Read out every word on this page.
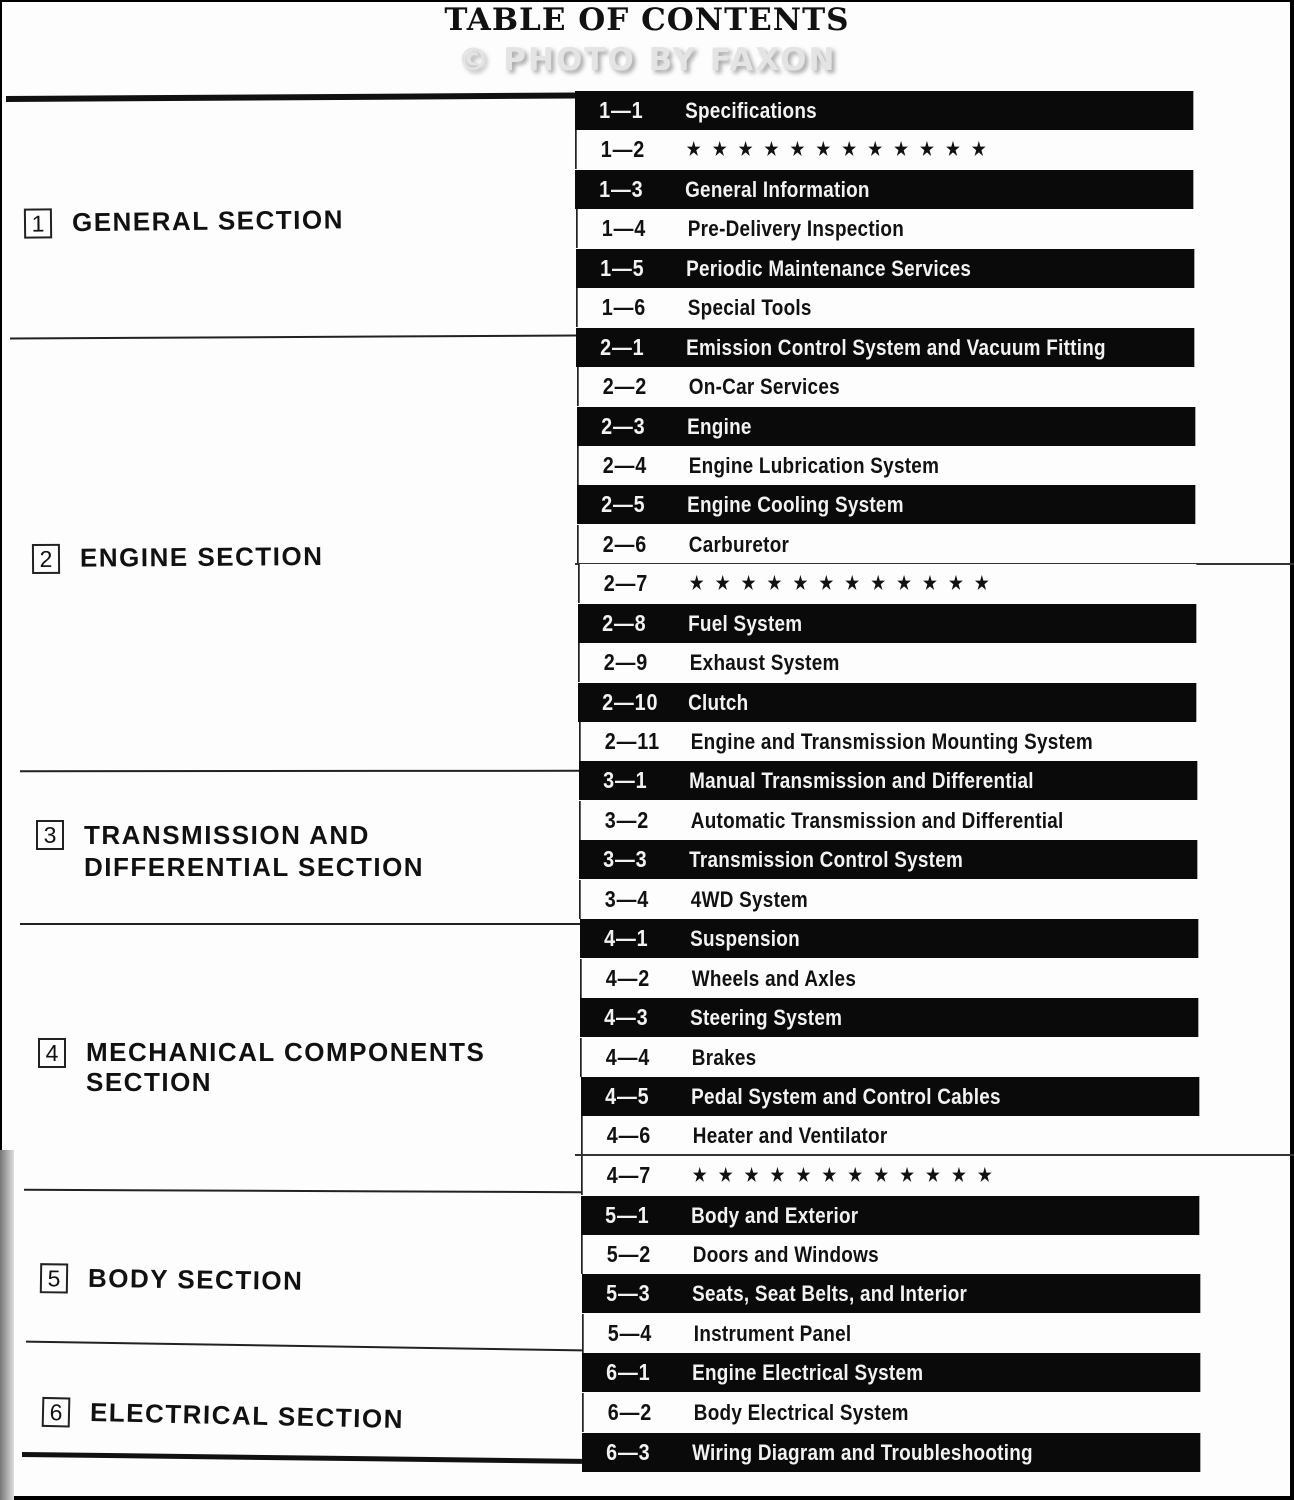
TABLE OF CONTENTS
© PHOTO BY FAXON
1 GENERAL SECTION
2 ENGINE SECTION
3 TRANSMISSION AND
DIFFERENTIAL SECTION
4 MECHANICAL COMPONENTS
SECTION
5 BODY SECTION
6 ELECTRICAL SECTION
1—1	Specifications
1—2	★★★★★★★★★★★★
1—3	General Information
1—4	Pre-Delivery Inspection
1—5	Periodic Maintenance Services
1—6	Special Tools
2—1	Emission Control System and Vacuum Fitting
2—2	On-Car Services
2—3	Engine
2—4	Engine Lubrication System
2—5	Engine Cooling System
2—6	Carburetor
2—7	★★★★★★★★★★★★
2—8	Fuel System
2—9	Exhaust System
2—10	Clutch
2—11	Engine and Transmission Mounting System
3—1	Manual Transmission and Differential
3—2	Automatic Transmission and Differential
3—3	Transmission Control System
3—4	4WD System
4—1	Suspension
4—2	Wheels and Axles
4—3	Steering System
4—4	Brakes
4—5	Pedal System and Control Cables
4—6	Heater and Ventilator
4—7	★★★★★★★★★★★★
5—1	Body and Exterior
5—2	Doors and Windows
5—3	Seats, Seat Belts, and Interior
5—4	Instrument Panel
6—1	Engine Electrical System
6—2	Body Electrical System
6—3	Wiring Diagram and Troubleshooting
